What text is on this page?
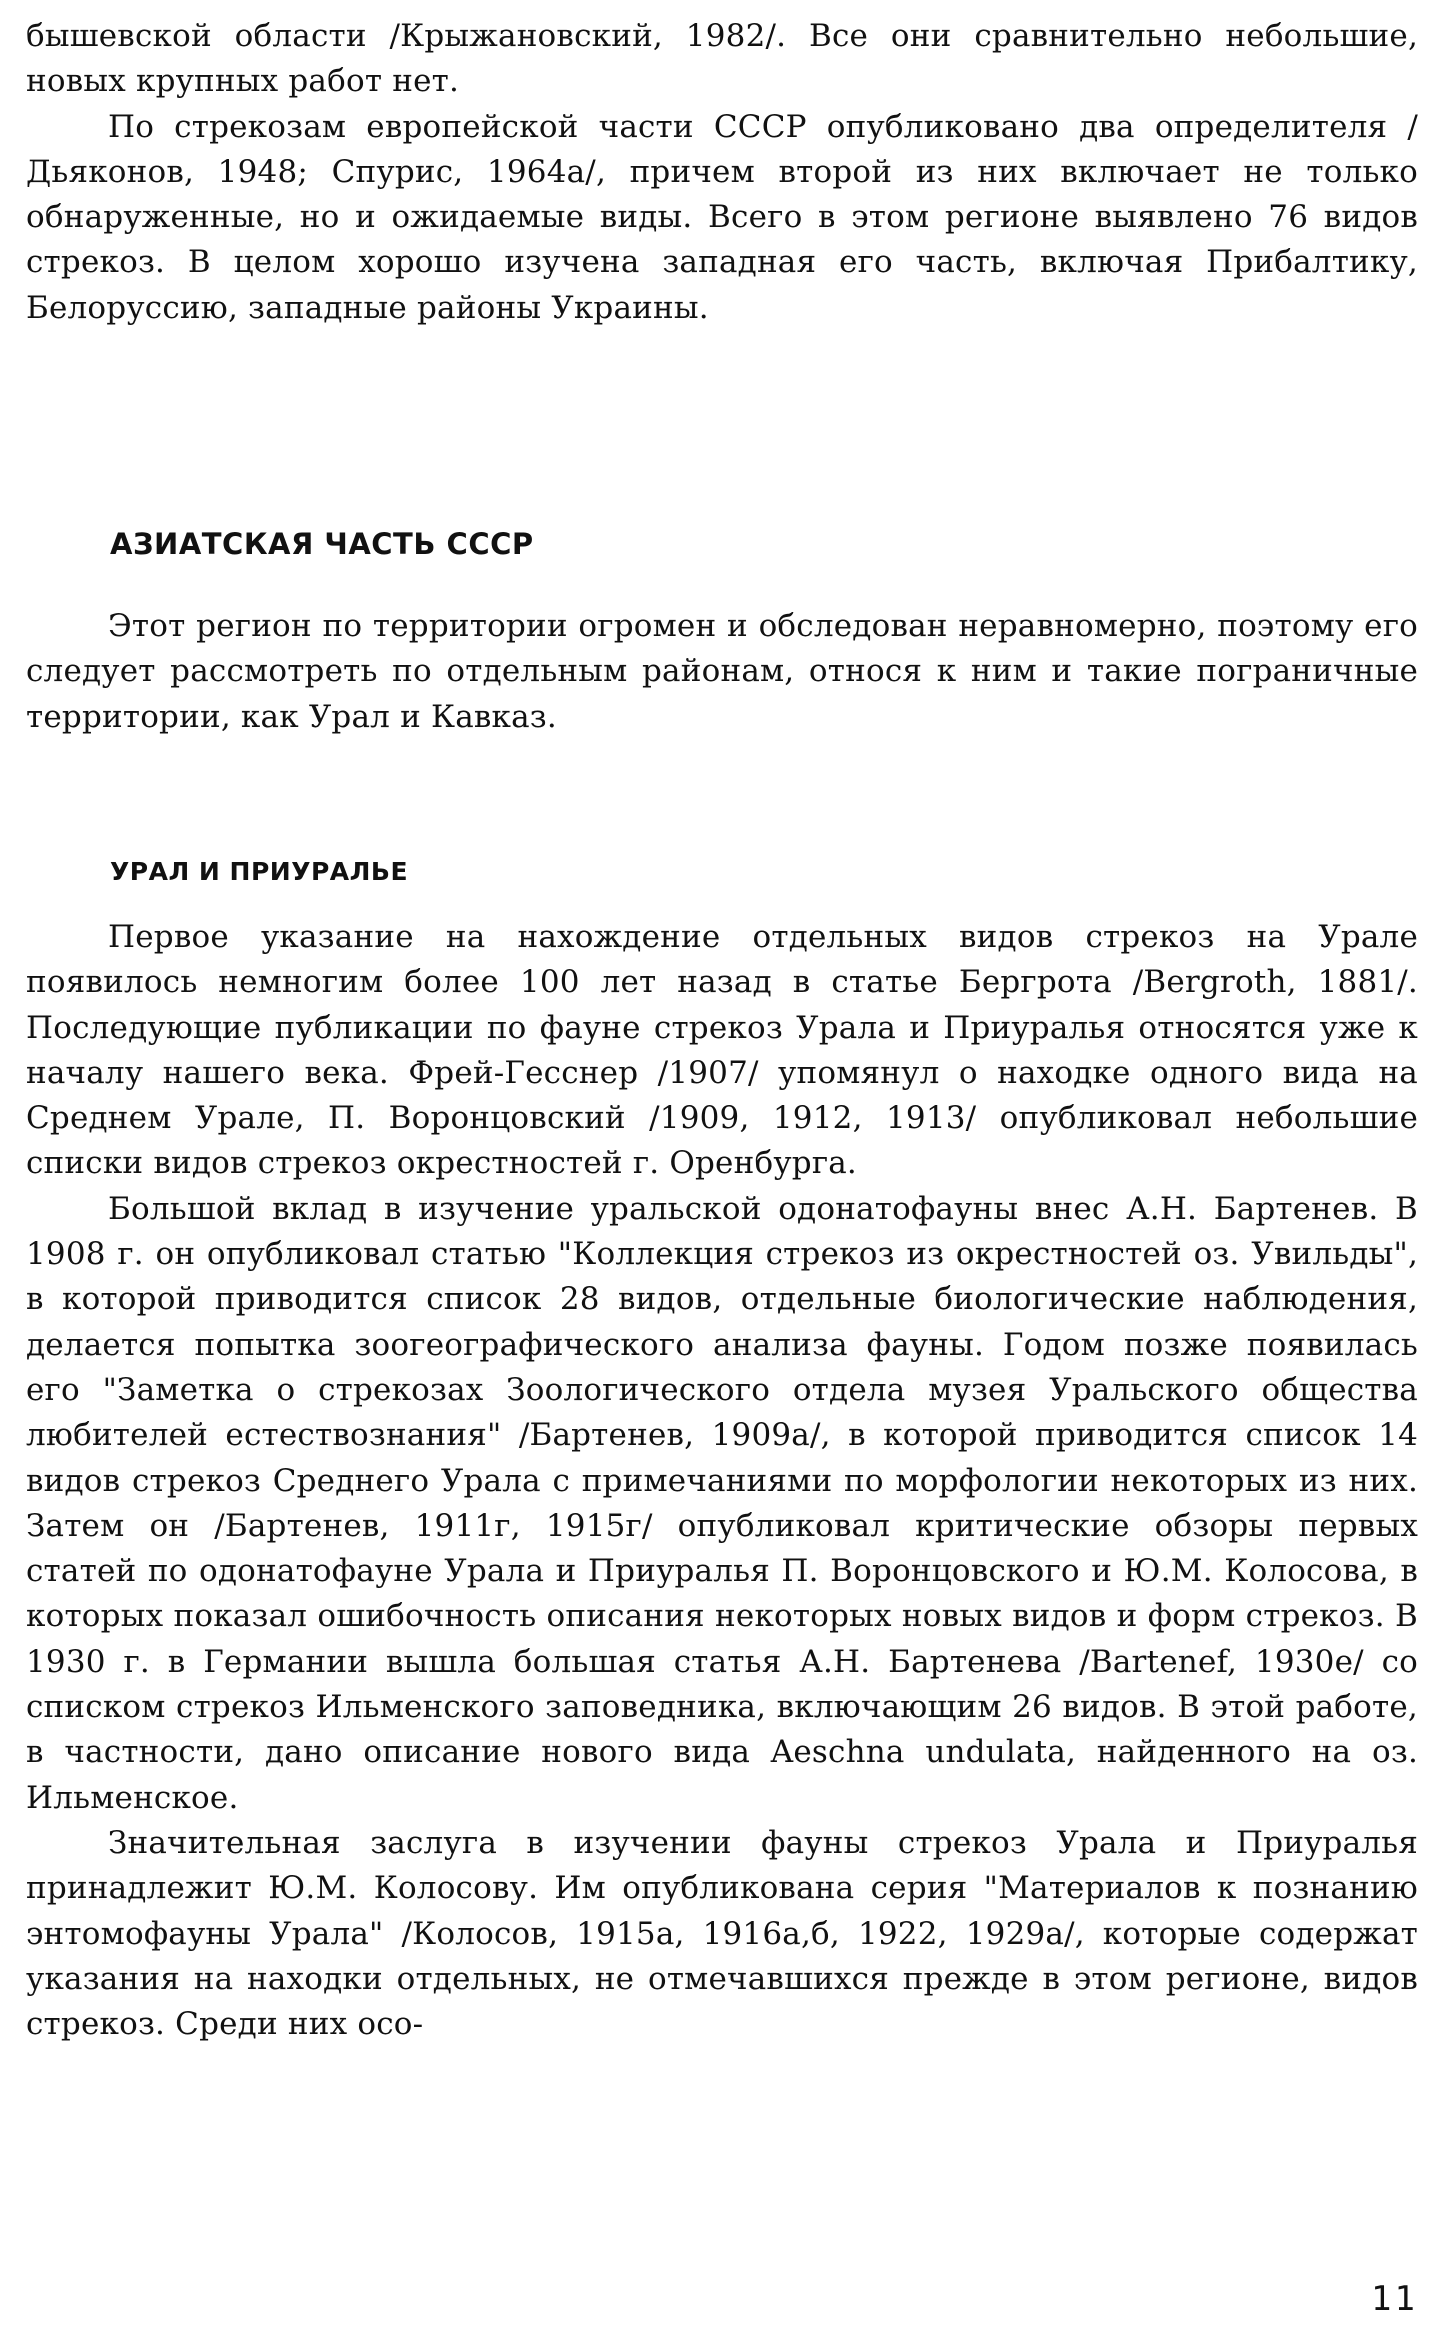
бышевской области /Крыжановский, 1982/. Все они сравнительно небольшие, новых крупных работ нет.

По стрекозам европейской части СССР опубликовано два определителя /Дьяконов, 1948; Спурис, 1964а/, причем второй из них включает не только обнаруженные, но и ожидаемые виды. Всего в этом регионе выявлено 76 видов стрекоз. В целом хорошо изучена западная его часть, включая Прибалтику, Белоруссию, западные районы Украины.

АЗИАТСКАЯ ЧАСТЬ СССР

Этот регион по территории огромен и обследован неравномерно, поэтому его следует рассмотреть по отдельным районам, относя к ним и такие пограничные территории, как Урал и Кавказ.

УРАЛ И ПРИУРАЛЬЕ

Первое указание на нахождение отдельных видов стрекоз на Урале появилось немногим более 100 лет назад в статье Бергрота /Bergroth, 1881/. Последующие публикации по фауне стрекоз Урала и Приуралья относятся уже к началу нашего века. Фрей-Гесснер /1907/ упомянул о находке одного вида на Среднем Урале, П. Воронцовский /1909, 1912, 1913/ опубликовал небольшие списки видов стрекоз окрестностей г. Оренбурга.

Большой вклад в изучение уральской одонатофауны внес А.Н. Бартенев. В 1908 г. он опубликовал статью "Коллекция стрекоз из окрестностей оз. Увильды", в которой приводится список 28 видов, отдельные биологические наблюдения, делается попытка зоогеографического анализа фауны. Годом позже появилась его "Заметка о стрекозах Зоологического отдела музея Уральского общества любителей естествознания" /Бартенев, 1909а/, в которой приводится список 14 видов стрекоз Среднего Урала с примечаниями по морфологии некоторых из них. Затем он /Бартенев, 1911г, 1915г/ опубликовал критические обзоры первых статей по одонатофауне Урала и Приуралья П. Воронцовского и Ю.М. Колосова, в которых показал ошибочность описания некоторых новых видов и форм стрекоз. В 1930 г. в Германии вышла большая статья А.Н. Бартенева /Bartenef, 1930е/ со списком стрекоз Ильменского заповедника, включающим 26 видов. В этой работе, в частности, дано описание нового вида Aeschna undulata, найденного на оз. Ильменское.

Значительная заслуга в изучении фауны стрекоз Урала и Приуралья принадлежит Ю.М. Колосову. Им опубликована серия "Материалов к познанию энтомофауны Урала" /Колосов, 1915а, 1916а,б, 1922, 1929а/, которые содержат указания на находки отдельных, не отмечавшихся прежде в этом регионе, видов стрекоз. Среди них осо-

11
